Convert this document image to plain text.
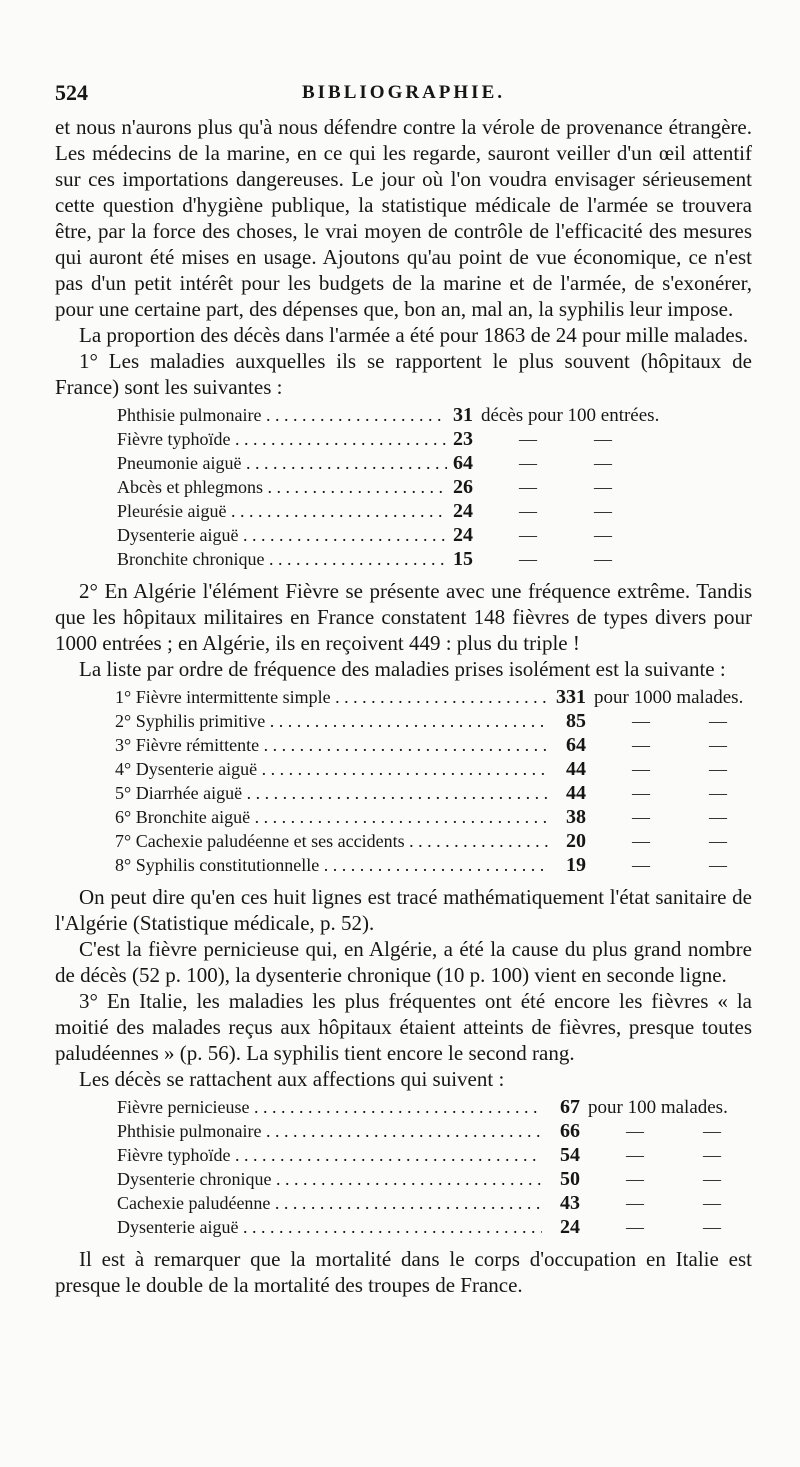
524	BIBLIOGRAPHIE.

et nous n'aurons plus qu'à nous défendre contre la vérole de provenance étrangère. Les médecins de la marine, en ce qui les regarde, sauront veiller d'un œil attentif sur ces importations dangereuses. Le jour où l'on voudra envisager sérieusement cette question d'hygiène publique, la statistique médicale de l'armée se trouvera être, par la force des choses, le vrai moyen de contrôle de l'efficacité des mesures qui auront été mises en usage. Ajoutons qu'au point de vue économique, ce n'est pas d'un petit intérêt pour les budgets de la marine et de l'armée, de s'exonérer, pour une certaine part, des dépenses que, bon an, mal an, la syphilis leur impose.

La proportion des décès dans l'armée a été pour 1863 de 24 pour mille malades.

1° Les maladies auxquelles ils se rapportent le plus souvent (hôpitaux de France) sont les suivantes :

Phthisie pulmonaire . . .	31 décès pour 100 entrées.
Fièvre typhoïde . . .	23	—	—
Pneumonie aiguë . . .	64	—	—
Abcès et phlegmons . . .	26	—	—
Pleurésie aiguë . . .	24	—	—
Dysenterie aiguë . . .	24	—	—
Bronchite chronique . . .	15	—	—

2° En Algérie l'élément Fièvre se présente avec une fréquence extrême. Tandis que les hôpitaux militaires en France constatent 148 fièvres de types divers pour 1000 entrées ; en Algérie, ils en reçoivent 449 : plus du triple !

La liste par ordre de fréquence des maladies prises isolément est la suivante :

1° Fièvre intermittente simple . . .	331 pour 1000 malades.
2° Syphilis primitive . . .	85	—	—
3° Fièvre rémittente . . .	64	—	—
4° Dysenterie aiguë . . .	44	—	—
5° Diarrhée aiguë . . .	44	—	—
6° Bronchite aiguë . . .	38	—	—
7° Cachexie paludéenne et ses accidents . . .	20	—	—
8° Syphilis constitutionnelle . . .	19	—	—

On peut dire qu'en ces huit lignes est tracé mathématiquement l'état sanitaire de l'Algérie (Statistique médicale, p. 52).

C'est la fièvre pernicieuse qui, en Algérie, a été la cause du plus grand nombre de décès (52 p. 100), la dysenterie chronique (10 p. 100) vient en seconde ligne.

3° En Italie, les maladies les plus fréquentes ont été encore les fièvres « la moitié des malades reçus aux hôpitaux étaient atteints de fièvres, presque toutes paludéennes » (p. 56). La syphilis tient encore le second rang.

Les décès se rattachent aux affections qui suivent :

Fièvre pernicieuse . . .	67 pour 100 malades.
Phthisie pulmonaire . . .	66	—	—
Fièvre typhoïde . . .	54	—	—
Dysenterie chronique . . .	50	—	—
Cachexie paludéenne . . .	43	—	—
Dysenterie aiguë . . .	24	—	—

Il est à remarquer que la mortalité dans le corps d'occupation en Italie est presque le double de la mortalité des troupes de France.
